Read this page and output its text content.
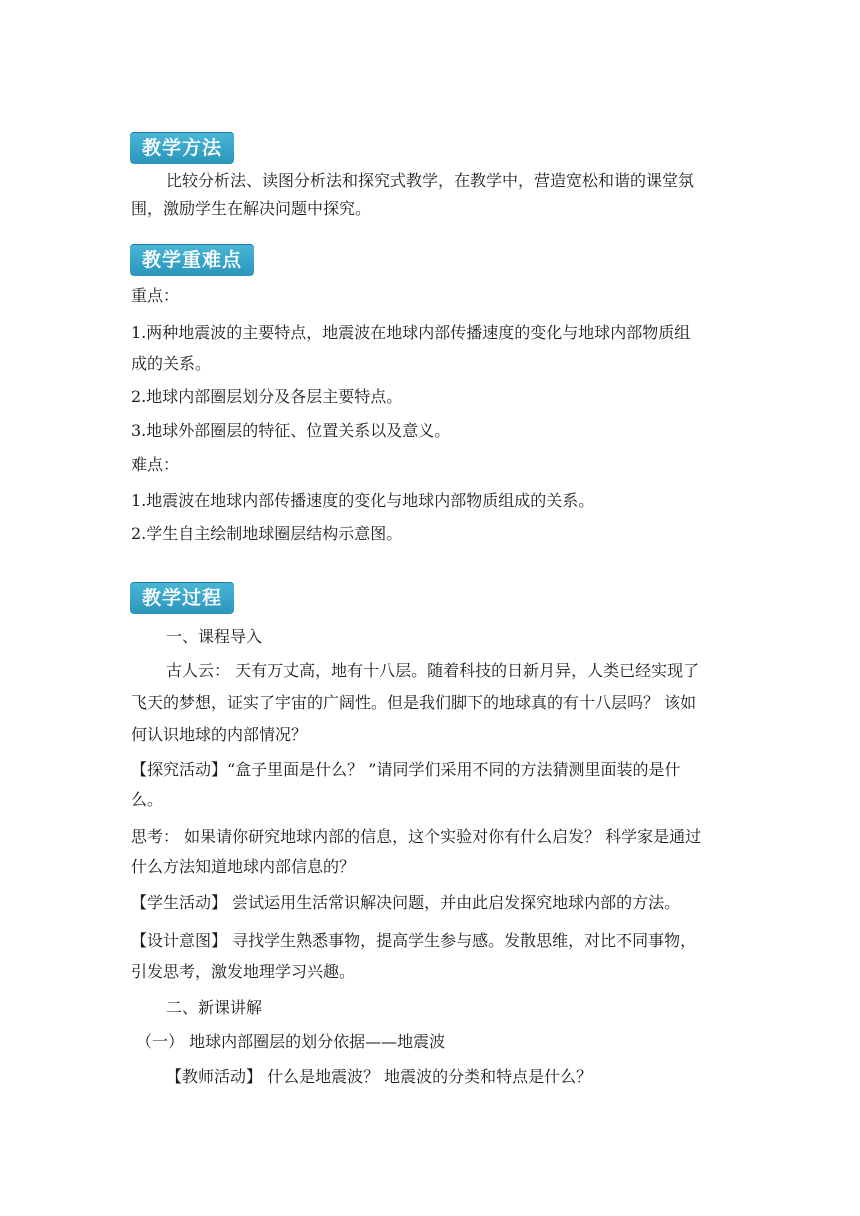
教学方法
比较分析法、读图分析法和探究式教学，在教学中，营造宽松和谐的课堂氛
围，激励学生在解决问题中探究。
教学重难点
重点：
1.两种地震波的主要特点，地震波在地球内部传播速度的变化与地球内部物质组
成的关系。
2.地球内部圈层划分及各层主要特点。
3.地球外部圈层的特征、位置关系以及意义。
难点：
1.地震波在地球内部传播速度的变化与地球内部物质组成的关系。
2.学生自主绘制地球圈层结构示意图。
教学过程
一、课程导入
古人云： 天有万丈高，地有十八层。随着科技的日新月异，人类已经实现了
飞天的梦想，证实了宇宙的广阔性。但是我们脚下的地球真的有十八层吗？ 该如
何认识地球的内部情况？
【探究活动】“盒子里面是什么？ ”请同学们采用不同的方法猜测里面装的是什
么。
思考： 如果请你研究地球内部的信息，这个实验对你有什么启发？ 科学家是通过
什么方法知道地球内部信息的？
【学生活动】 尝试运用生活常识解决问题，并由此启发探究地球内部的方法。
【设计意图】 寻找学生熟悉事物，提高学生参与感。发散思维，对比不同事物，
引发思考，激发地理学习兴趣。
二、新课讲解
（一） 地球内部圈层的划分依据——地震波
【教师活动】 什么是地震波？ 地震波的分类和特点是什么？
